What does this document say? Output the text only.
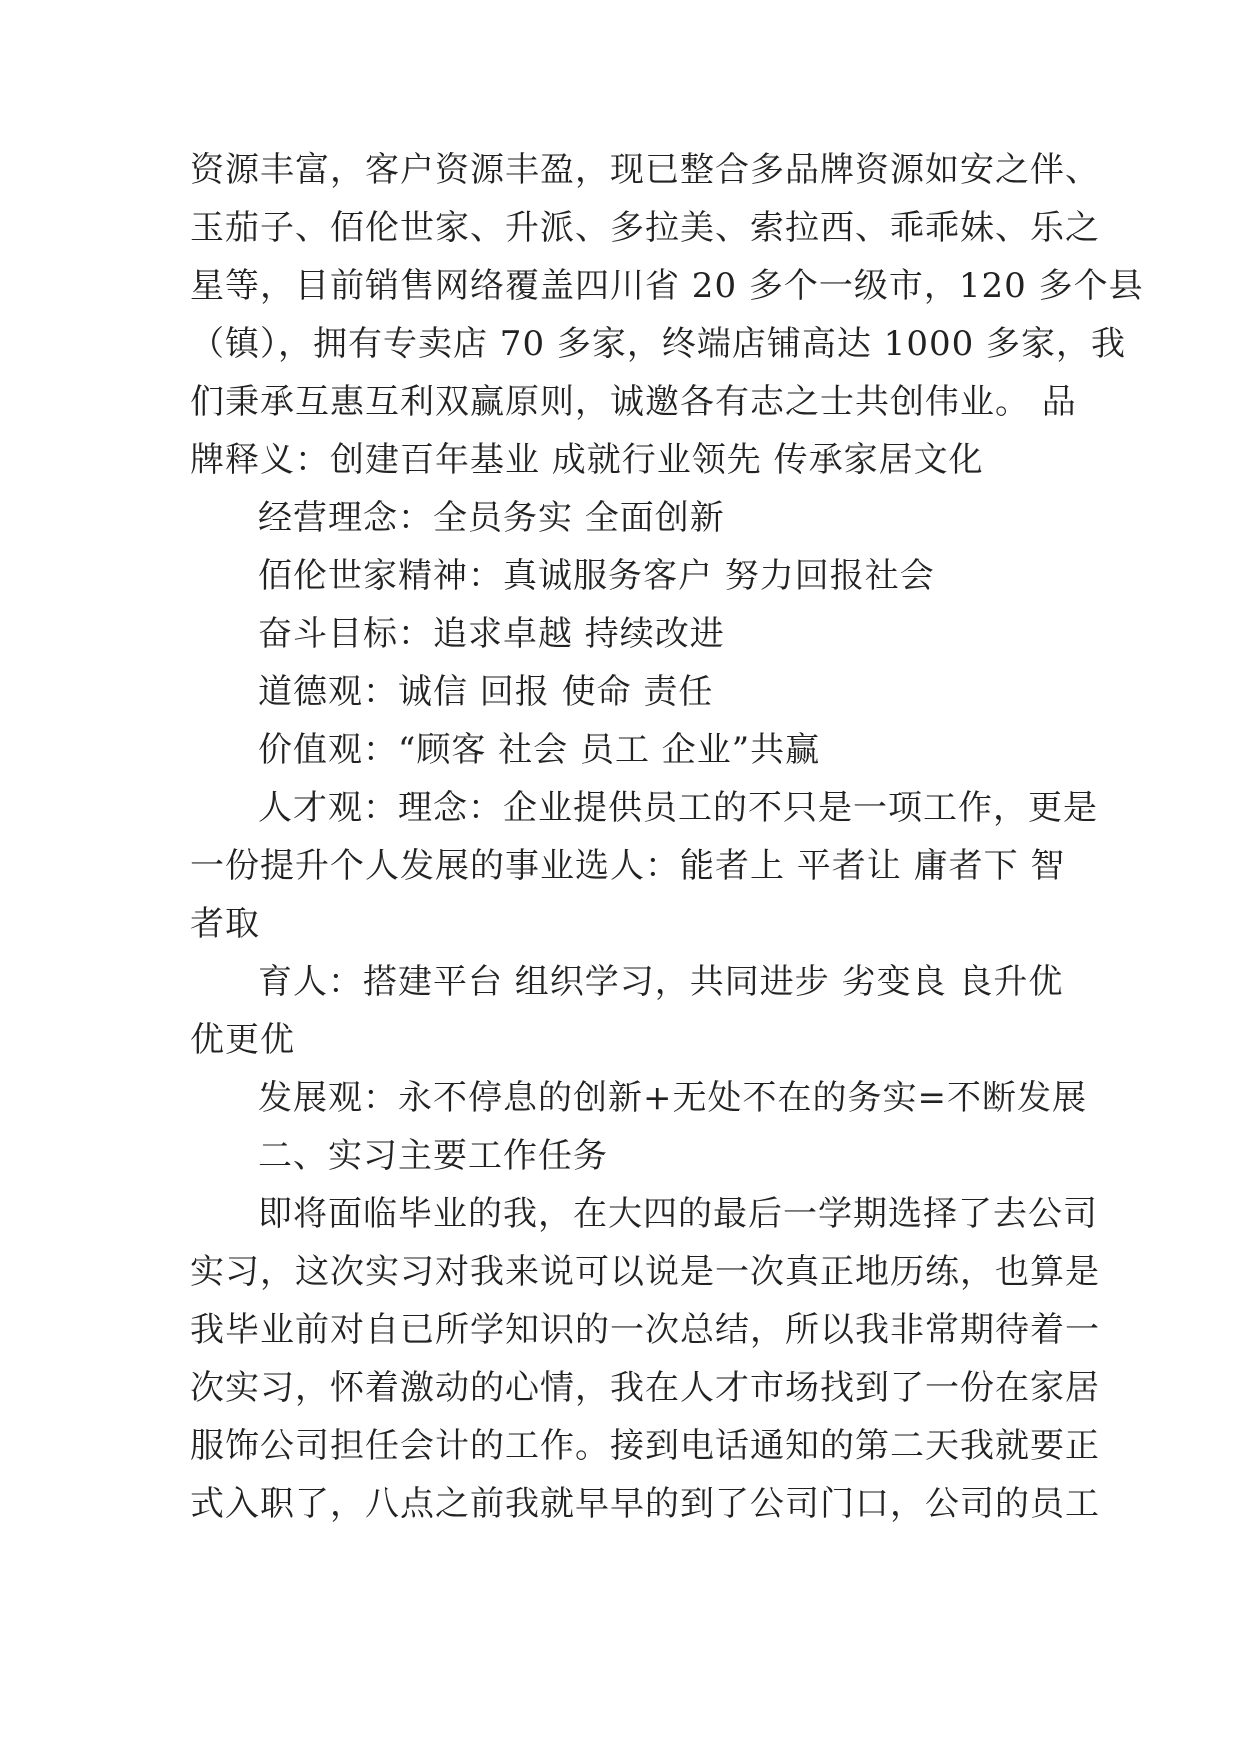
资源丰富，客户资源丰盈，现已整合多品牌资源如安之伴、
玉茄子、佰伦世家、升派、多拉美、索拉西、乖乖妹、乐之
星等，目前销售网络覆盖四川省 20 多个一级市，120 多个县
（镇），拥有专卖店 70 多家，终端店铺高达 1000 多家，我
们秉承互惠互利双赢原则，诚邀各有志之士共创伟业。 品
牌释义：创建百年基业 成就行业领先 传承家居文化
经营理念：全员务实 全面创新
佰伦世家精神：真诚服务客户 努力回报社会
奋斗目标：追求卓越 持续改进
道德观：诚信 回报 使命 责任
价值观：“顾客 社会 员工 企业”共赢
人才观：理念：企业提供员工的不只是一项工作，更是
一份提升个人发展的事业选人：能者上 平者让 庸者下 智
者取
育人：搭建平台 组织学习，共同进步 劣变良 良升优
优更优
发展观：永不停息的创新+无处不在的务实=不断发展
二、实习主要工作任务
即将面临毕业的我，在大四的最后一学期选择了去公司
实习，这次实习对我来说可以说是一次真正地历练，也算是
我毕业前对自已所学知识的一次总结，所以我非常期待着一
次实习，怀着激动的心情，我在人才市场找到了一份在家居
服饰公司担任会计的工作。接到电话通知的第二天我就要正
式入职了，八点之前我就早早的到了公司门口，公司的员工
